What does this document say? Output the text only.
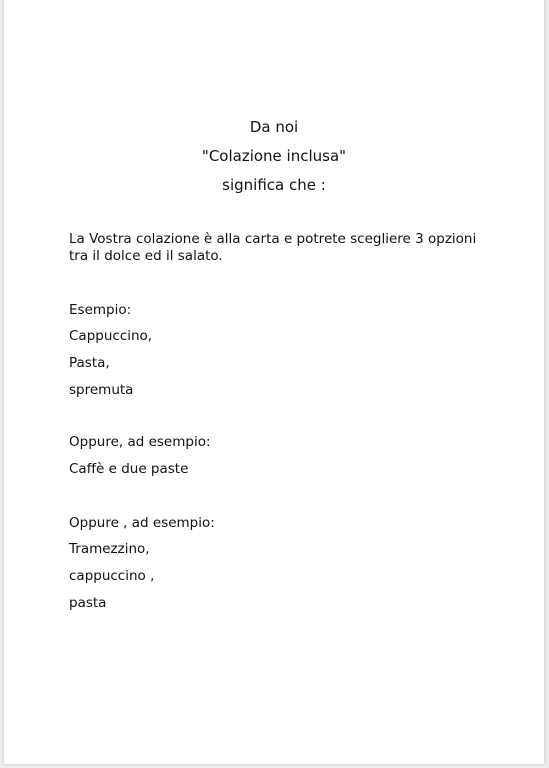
Da noi
"Colazione inclusa"
significa che :
La Vostra colazione è alla carta e potrete scegliere 3 opzioni tra il dolce ed il salato.
Esempio:
Cappuccino,
Pasta,
spremuta
Oppure, ad esempio:
Caffè e due paste
Oppure , ad esempio:
Tramezzino,
cappuccino ,
pasta
